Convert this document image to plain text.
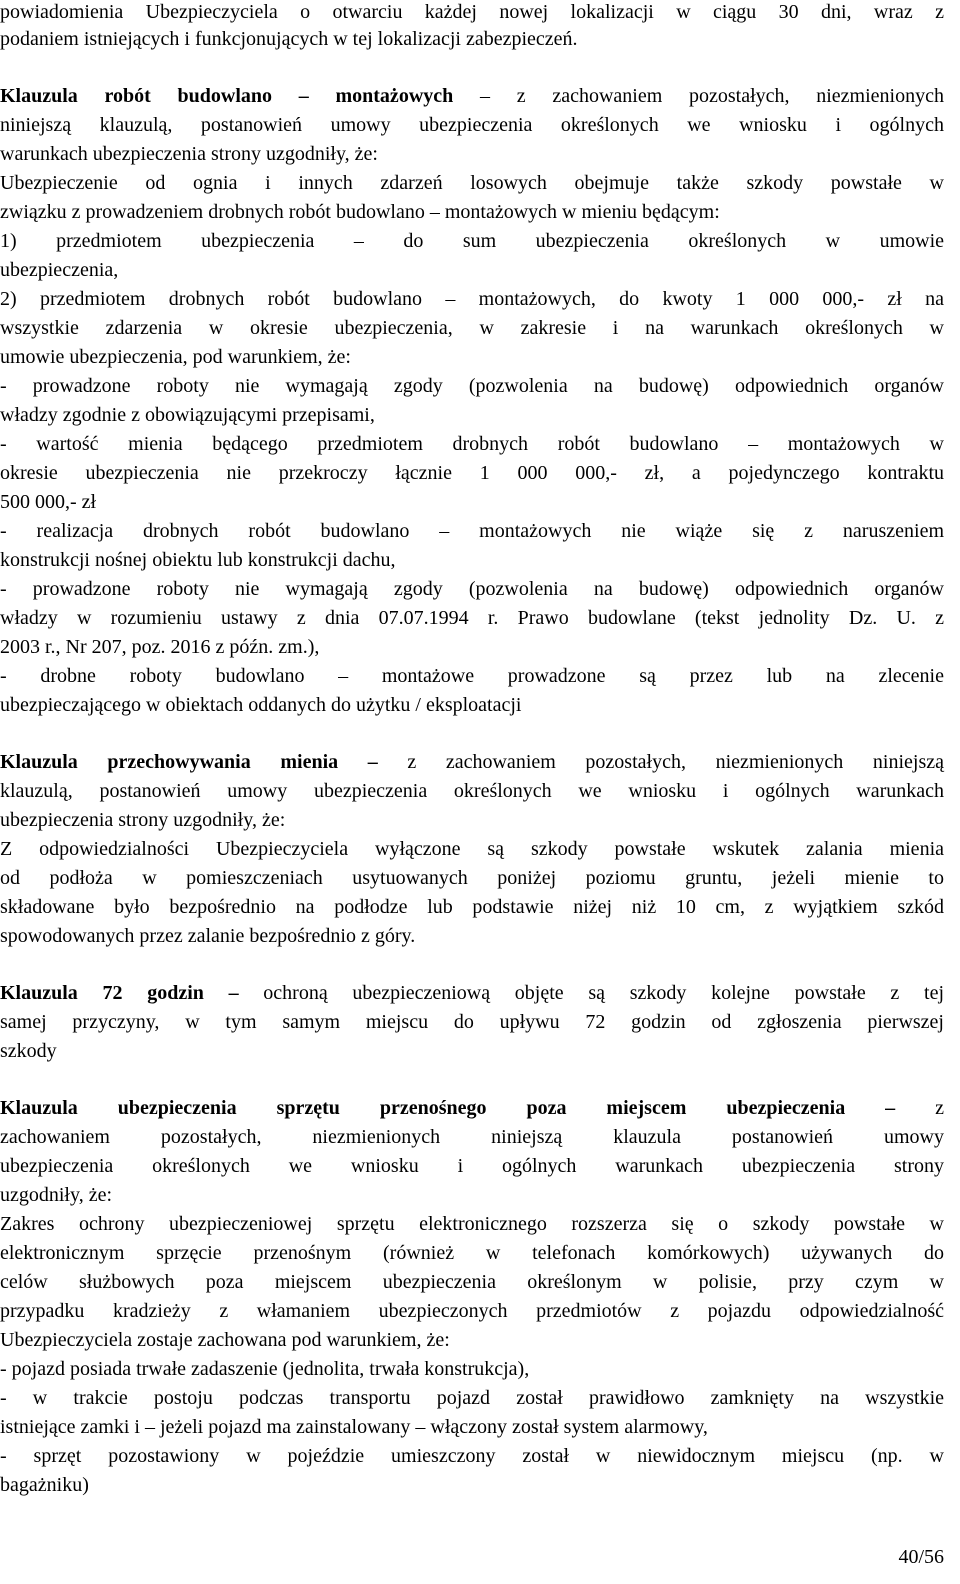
powiadomienia Ubezpieczyciela o otwarciu każdej nowej lokalizacji w ciągu 30 dni, wraz z
podaniem istniejących i funkcjonujących w tej lokalizacji zabezpieczeń.
Klauzula robót budowlano – montażowych – z zachowaniem pozostałych, niezmienionych
niniejszą klauzulą, postanowień umowy ubezpieczenia określonych we wniosku i ogólnych
warunkach ubezpieczenia strony uzgodniły, że:
Ubezpieczenie od ognia i innych zdarzeń losowych obejmuje także szkody powstałe w
związku z prowadzeniem drobnych robót budowlano – montażowych w mieniu będącym:
1) przedmiotem ubezpieczenia – do sum ubezpieczenia określonych w umowie
ubezpieczenia,
2) przedmiotem drobnych robót budowlano – montażowych, do kwoty 1 000 000,- zł na
wszystkie zdarzenia w okresie ubezpieczenia, w zakresie i na warunkach określonych w
umowie ubezpieczenia, pod warunkiem, że:
- prowadzone roboty nie wymagają zgody (pozwolenia na budowę) odpowiednich organów
władzy zgodnie z obowiązującymi przepisami,
- wartość mienia będącego przedmiotem drobnych robót budowlano – montażowych w
okresie ubezpieczenia nie przekroczy łącznie 1 000 000,- zł, a pojedynczego kontraktu
500 000,- zł
- realizacja drobnych robót budowlano – montażowych nie wiąże się z naruszeniem
konstrukcji nośnej obiektu lub konstrukcji dachu,
- prowadzone roboty nie wymagają zgody (pozwolenia na budowę) odpowiednich organów
władzy w rozumieniu ustawy z dnia 07.07.1994 r. Prawo budowlane (tekst jednolity Dz. U. z
2003 r., Nr 207, poz. 2016 z późn. zm.),
- drobne roboty budowlano – montażowe prowadzone są przez lub na zlecenie
ubezpieczającego w obiektach oddanych do użytku / eksploatacji
Klauzula przechowywania mienia – z zachowaniem pozostałych, niezmienionych niniejszą
klauzulą, postanowień umowy ubezpieczenia określonych we wniosku i ogólnych warunkach
ubezpieczenia strony uzgodniły, że:
Z odpowiedzialności Ubezpieczyciela wyłączone są szkody powstałe wskutek zalania mienia
od podłoża w pomieszczeniach usytuowanych poniżej poziomu gruntu, jeżeli mienie to
składowane było bezpośrednio na podłodze lub podstawie niżej niż 10 cm, z wyjątkiem szkód
spowodowanych przez zalanie bezpośrednio z góry.
Klauzula 72 godzin – ochroną ubezpieczeniową objęte są szkody kolejne powstałe z tej
samej przyczyny, w tym samym miejscu do upływu 72 godzin od zgłoszenia pierwszej
szkody
Klauzula ubezpieczenia sprzętu przenośnego poza miejscem ubezpieczenia – z
zachowaniem pozostałych, niezmienionych niniejszą klauzula postanowień umowy
ubezpieczenia określonych we wniosku i ogólnych warunkach ubezpieczenia strony
uzgodniły, że:
Zakres ochrony ubezpieczeniowej sprzętu elektronicznego rozszerza się o szkody powstałe w
elektronicznym sprzęcie przenośnym (również w telefonach komórkowych) używanych do
celów służbowych poza miejscem ubezpieczenia określonym w polisie, przy czym w
przypadku kradzieży z włamaniem ubezpieczonych przedmiotów z pojazdu odpowiedzialność
Ubezpieczyciela zostaje zachowana pod warunkiem, że:
- pojazd posiada trwałe zadaszenie (jednolita, trwała konstrukcja),
- w trakcie postoju podczas transportu pojazd został prawidłowo zamknięty na wszystkie
istniejące zamki i – jeżeli pojazd ma zainstalowany – włączony został system alarmowy,
- sprzęt pozostawiony w pojeździe umieszczony został w niewidocznym miejscu (np. w
bagażniku)
40/56
